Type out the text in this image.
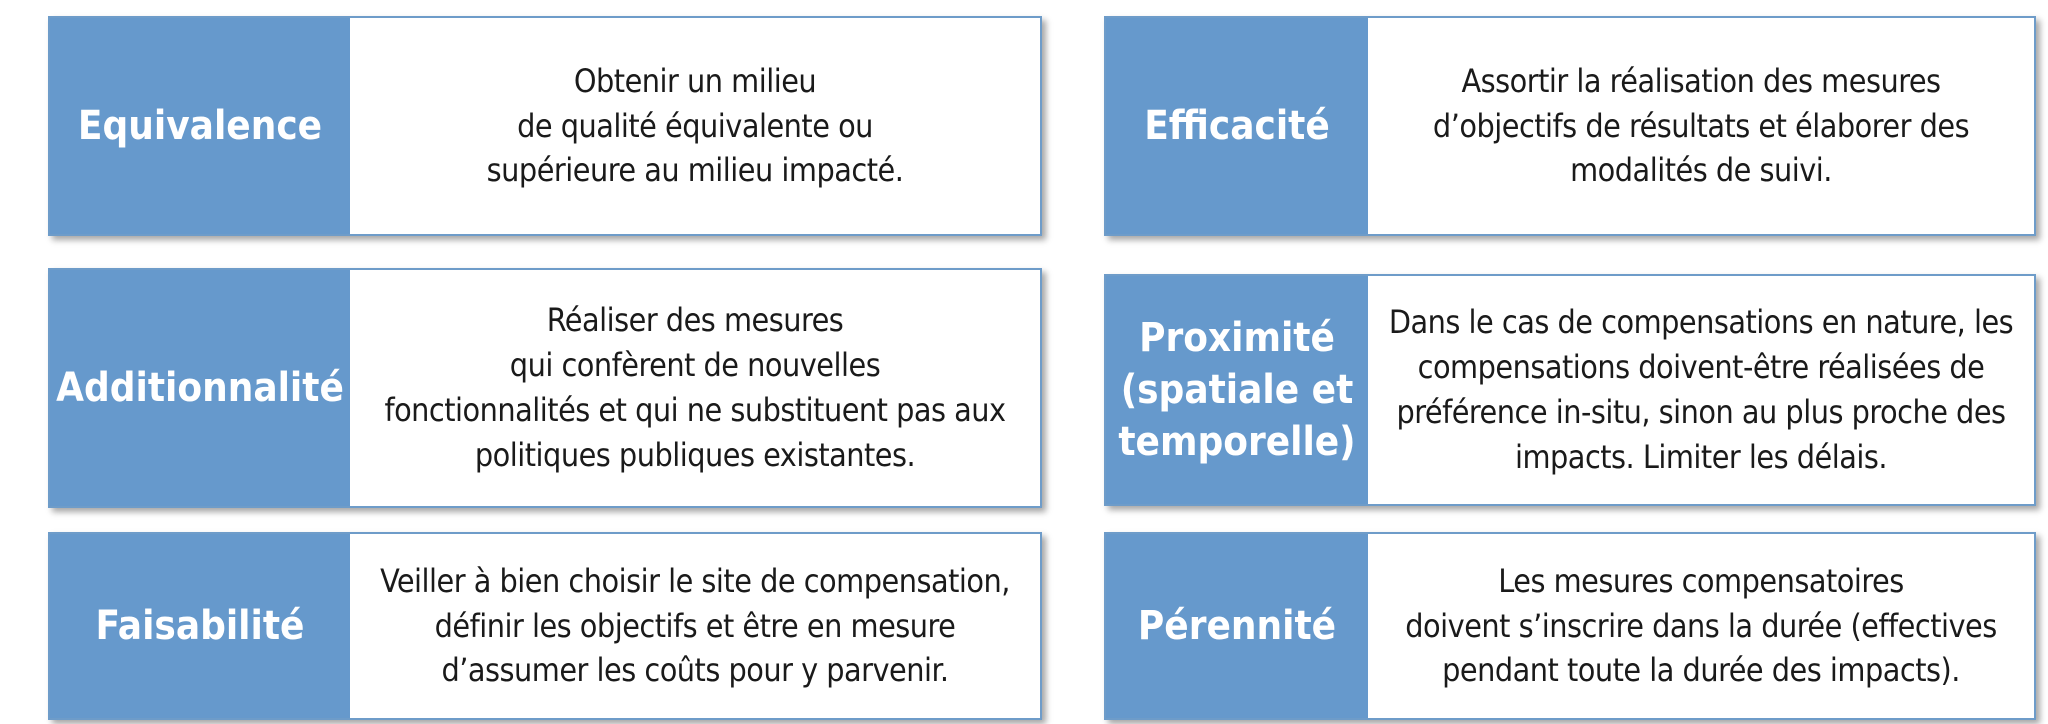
Equivalence
Obtenir un milieu
de qualité équivalente ou
supérieure au milieu impacté.
Additionnalité
Réaliser des mesures
qui confèrent de nouvelles
fonctionnalités et qui ne substituent pas aux
politiques publiques existantes.
Faisabilité
Veiller à bien choisir le site de compensation,
définir les objectifs et être en mesure
d’assumer les coûts pour y parvenir.
Efficacité
Assortir la réalisation des mesures
d’objectifs de résultats et élaborer des
modalités de suivi.
Proximité
(spatiale et
temporelle)
Dans le cas de compensations en nature, les
compensations doivent-être réalisées de
préférence in-situ, sinon au plus proche des
impacts. Limiter les délais.
Pérennité
Les mesures compensatoires
doivent s’inscrire dans la durée (effectives
pendant toute la durée des impacts).
